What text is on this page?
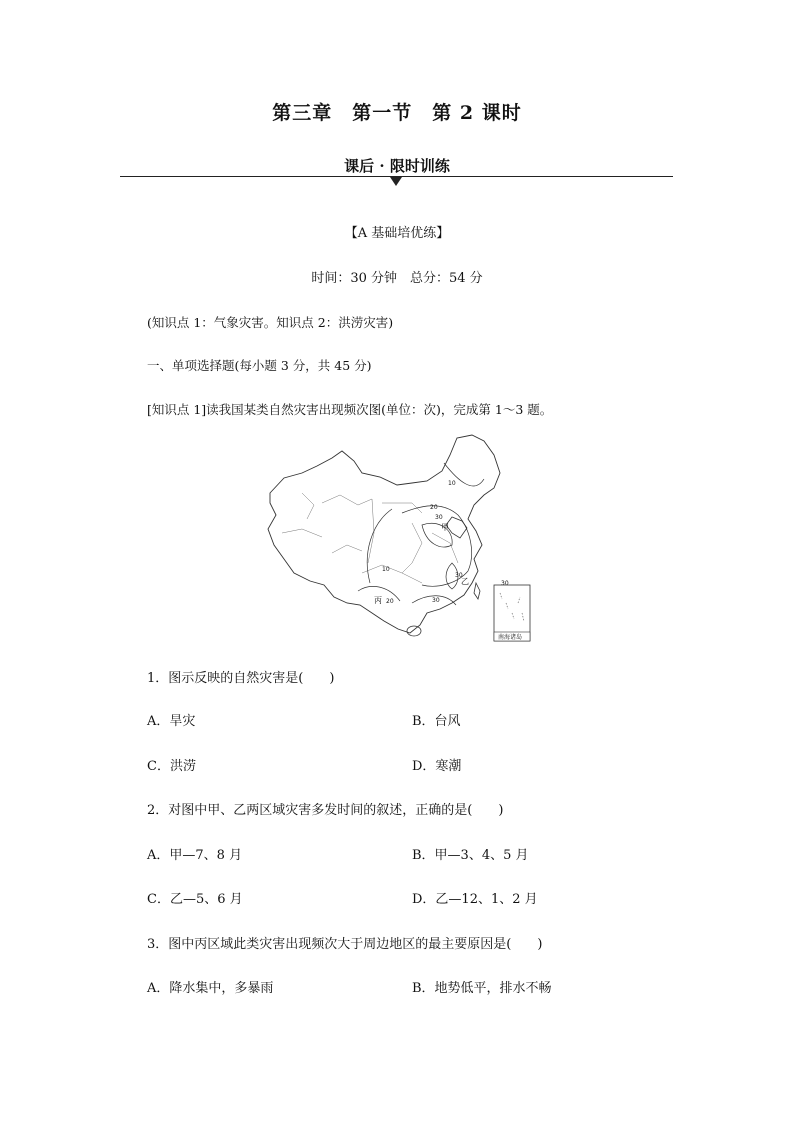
第三章　第一节　第 2 课时
课后 · 限时训练
【A 基础培优练】
时间：30 分钟　总分：54 分
(知识点 1：气象灾害。知识点 2：洪涝灾害)
一、单项选择题(每小题 3 分，共 45 分)
[知识点 1]读我国某类自然灾害出现频次图(单位：次)，完成第 1～3 题。
10
20
30
10
30
20	30
30
甲
乙
丙
南海诸岛
1．图示反映的自然灾害是(　　)
A．旱灾	B．台风
C．洪涝	D．寒潮
2．对图中甲、乙两区域灾害多发时间的叙述，正确的是(　　)
A．甲—7、8 月	B．甲—3、4、5 月
C．乙—5、6 月	D．乙—12、1、2 月
3．图中丙区域此类灾害出现频次大于周边地区的最主要原因是(　　)
A．降水集中，多暴雨	B．地势低平，排水不畅
